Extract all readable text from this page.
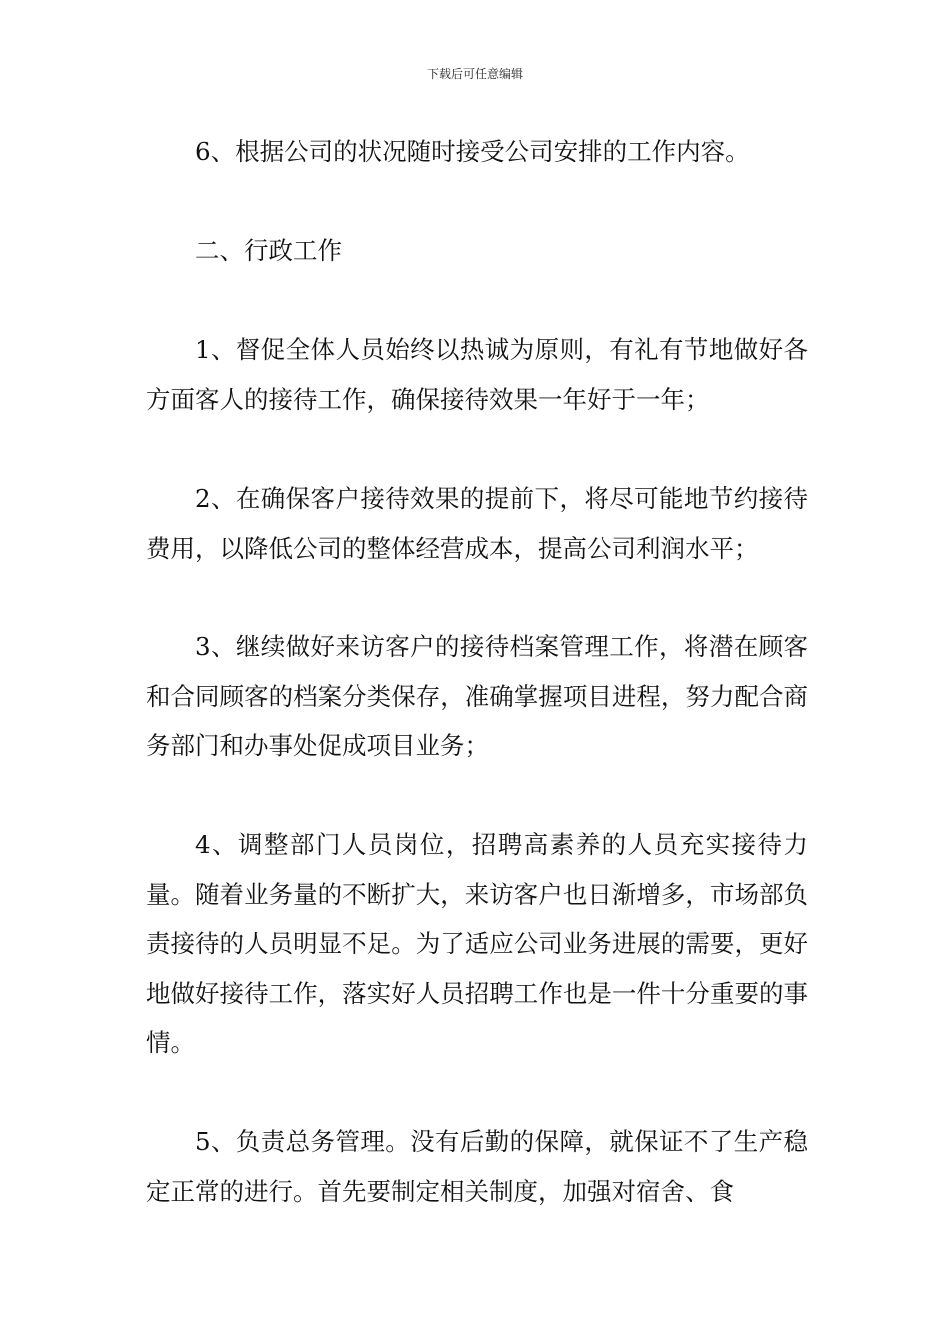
下载后可任意编辑

6、根据公司的状况随时接受公司安排的工作内容。

二、行政工作

1、督促全体人员始终以热诚为原则，有礼有节地做好各方面客人的接待工作，确保接待效果一年好于一年；

2、在确保客户接待效果的提前下，将尽可能地节约接待费用，以降低公司的整体经营成本，提高公司利润水平；

3、继续做好来访客户的接待档案管理工作，将潜在顾客和合同顾客的档案分类保存，准确掌握项目进程，努力配合商务部门和办事处促成项目业务；

4、调整部门人员岗位，招聘高素养的人员充实接待力量。随着业务量的不断扩大，来访客户也日渐增多，市场部负责接待的人员明显不足。为了适应公司业务进展的需要，更好地做好接待工作，落实好人员招聘工作也是一件十分重要的事情。

5、负责总务管理。没有后勤的保障，就保证不了生产稳定正常的进行。首先要制定相关制度，加强对宿舍、食
